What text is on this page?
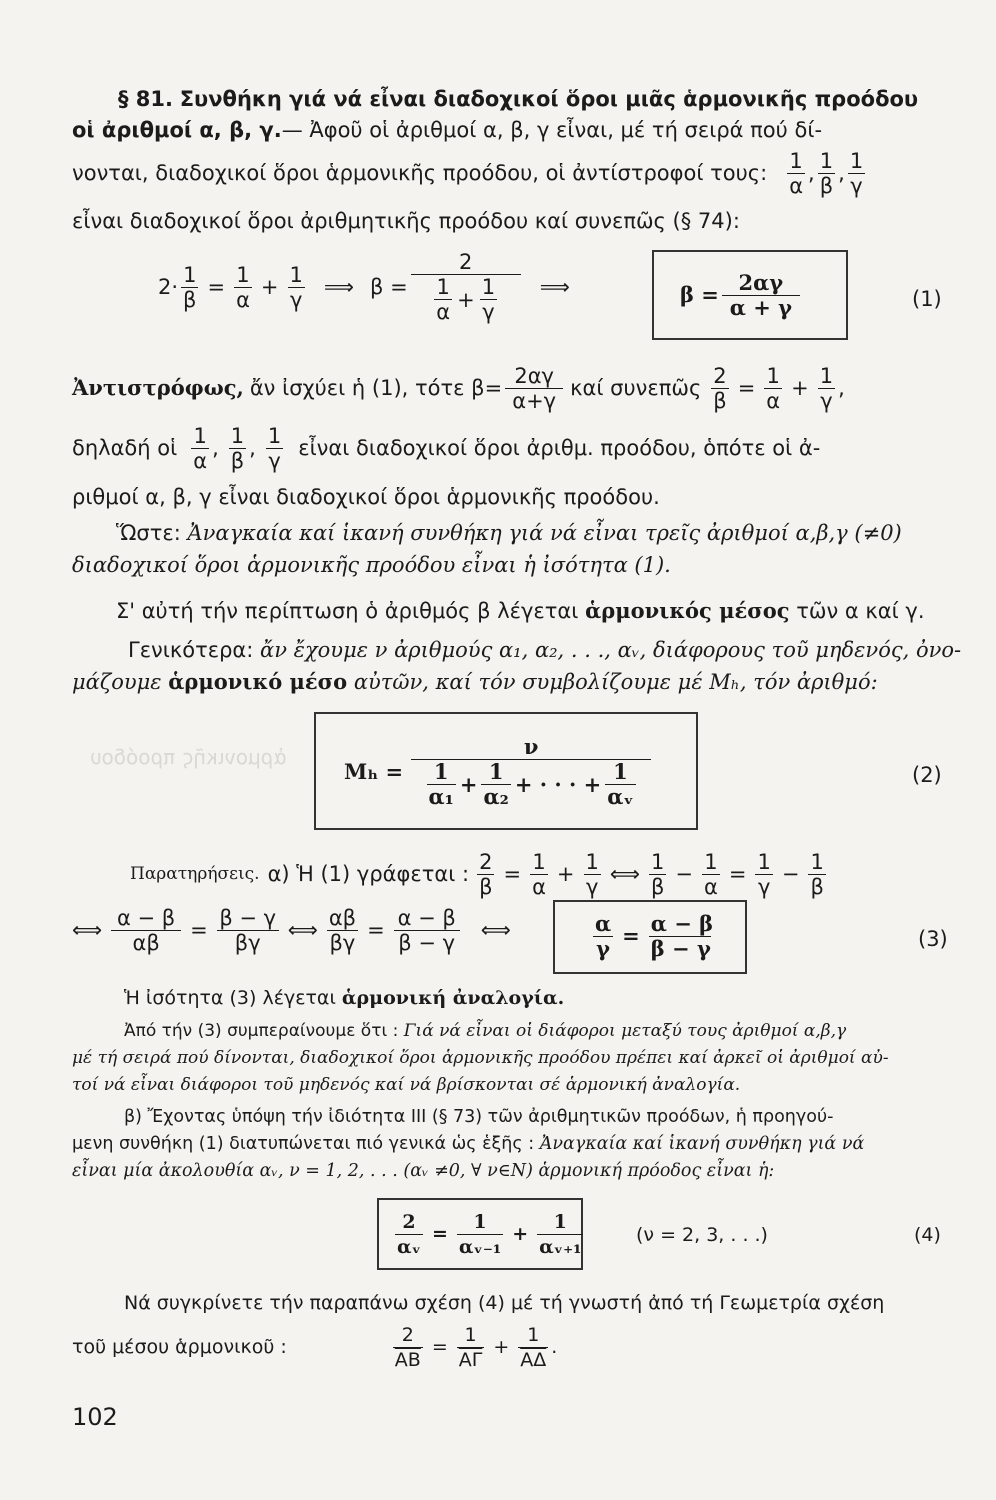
ἁρμονικῆς προόδου
§ 81. Συνθήκη γιά νά εἶναι διαδοχικοί ὅροι μιᾶς ἁρμονικῆς προόδου
οἱ ἀριθμοί α, β, γ.— Ἀφοῦ οἱ ἀριθμοί α, β, γ εἶναι, μέ τή σειρά πού δί-
νονται, διαδοχικοί ὅροι ἁρμονικῆς προόδου, οἱ ἀντίστροφοί τους:
1
α
,
1
β
,
1
γ
εἶναι διαδοχικοί ὅροι ἀριθμητικῆς προόδου καί συνεπῶς (§ 74):
$2\cdot \frac{1}{\beta} = \frac{1}{\alpha} + \frac{1}{\gamma}$ ⟹ β = 2
1
α
+ $\frac{1}{\gamma}$ ⟹	$\beta = \frac{2\alpha\gamma}{\alpha + \gamma}$	(1)
Ἀντιστρόφως, ἄν ἰσχύει ἡ (1), τότε $\beta= \frac{2\alpha\gamma}{\alpha+\gamma}$ καί συνεπῶς $\frac{2}{\beta} = \frac{1}{\alpha} + \frac{1}{\gamma}$ ,
δηλαδή οἱ
1
α
,
1
β
,
1
γ
εἶναι διαδοχικοί ὅροι ἀριθμ. προόδου, ὁπότε οἱ ἀ-
ριθμοί α, β, γ εἶναι διαδοχικοί ὅροι ἁρμονικῆς προόδου.
Ὥστε: Ἀναγκαία καί ἱκανή συνθήκη γιά νά εἶναι τρεῖς ἀριθμοί α,β,γ (≠0)
διαδοχικοί ὅροι ἁρμονικῆς προόδου εἶναι ἡ ἰσότητα (1).
Σ' αὐτή τήν περίπτωση ὁ ἀριθμός β λέγεται ἁρμονικός μέσος τῶν α καί γ.
Γενικότερα: ἄν ἔχουμε ν ἀριθμούς α₁, α₂, . . ., αᵥ, διάφορους τοῦ μηδενός, ὀνο-
μάζουμε ἁρμονικό μέσο αὐτῶν, καί τόν συμβολίζουμε μέ Mₕ, τόν ἀριθμό:
Mₕ = ν
1
$\alpha_1 + \frac{1}{\text{α₂}}$ + · · · + $\frac{1}{\text{αᵥ}}$	(2)
Παρατηρήσεις. α) Ἡ (1) γράφεται : $\frac{2}{\beta} = \frac{1}{\alpha} + \frac{1}{\gamma}$ ⟺
1
β
− $\frac{1}{\alpha} = \frac{1}{\gamma} - \frac{1}{\beta}$
⟺ $\frac{\alpha - \beta}{\alpha\beta} = \frac{\beta - \gamma}{\beta\gamma}$ ⟺ $\frac{\alpha\beta}{\beta\gamma} = \frac{\alpha - \beta}{\beta - \gamma}$ ⟺	$\frac{\alpha}{\gamma} = \frac{\alpha - \beta}{\beta - \gamma}$	(3)
Ἡ ἰσότητα (3) λέγεται ἁρμονική ἀναλογία.
Ἀπό τήν (3) συμπεραίνουμε ὅτι : Γιά νά εἶναι οἱ διάφοροι μεταξύ τους ἀριθμοί α,β,γ
μέ τή σειρά πού δίνονται, διαδοχικοί ὅροι ἁρμονικῆς προόδου πρέπει καί ἀρκεῖ οἱ ἀριθμοί αὐ-
τοί νά εἶναι διάφοροι τοῦ μηδενός καί νά βρίσκονται σέ ἁρμονική ἀναλογία.
β) Ἔχοντας ὑπόψη τήν ἰδιότητα III (§ 73) τῶν ἀριθμητικῶν προόδων, ἡ προηγού-
μενη συνθήκη (1) διατυπώνεται πιό γενικά ὡς ἑξῆς : Ἀναγκαία καί ἱκανή συνθήκη γιά νά
εἶναι μία ἀκολουθία αᵥ, ν = 1, 2, . . . (αᵥ ≠0, ∀ ν∈N) ἁρμονική πρόοδος εἶναι ἡ:
$\frac{2}{\text{αᵥ}} = \frac{1}{\text{αᵥ₋₁}} + \frac{1}{\text{αᵥ₊₁}}$	(ν = 2, 3, . . .)	(4)
Νά συγκρίνετε τήν παραπάνω σχέση (4) μέ τή γνωστή ἀπό τή Γεωμετρία σχέση
τοῦ μέσου ἁρμονικοῦ :	$\frac{2}{AB} = \frac{1}{A\Gamma} + \frac{1}{A\Delta}$ .
102
